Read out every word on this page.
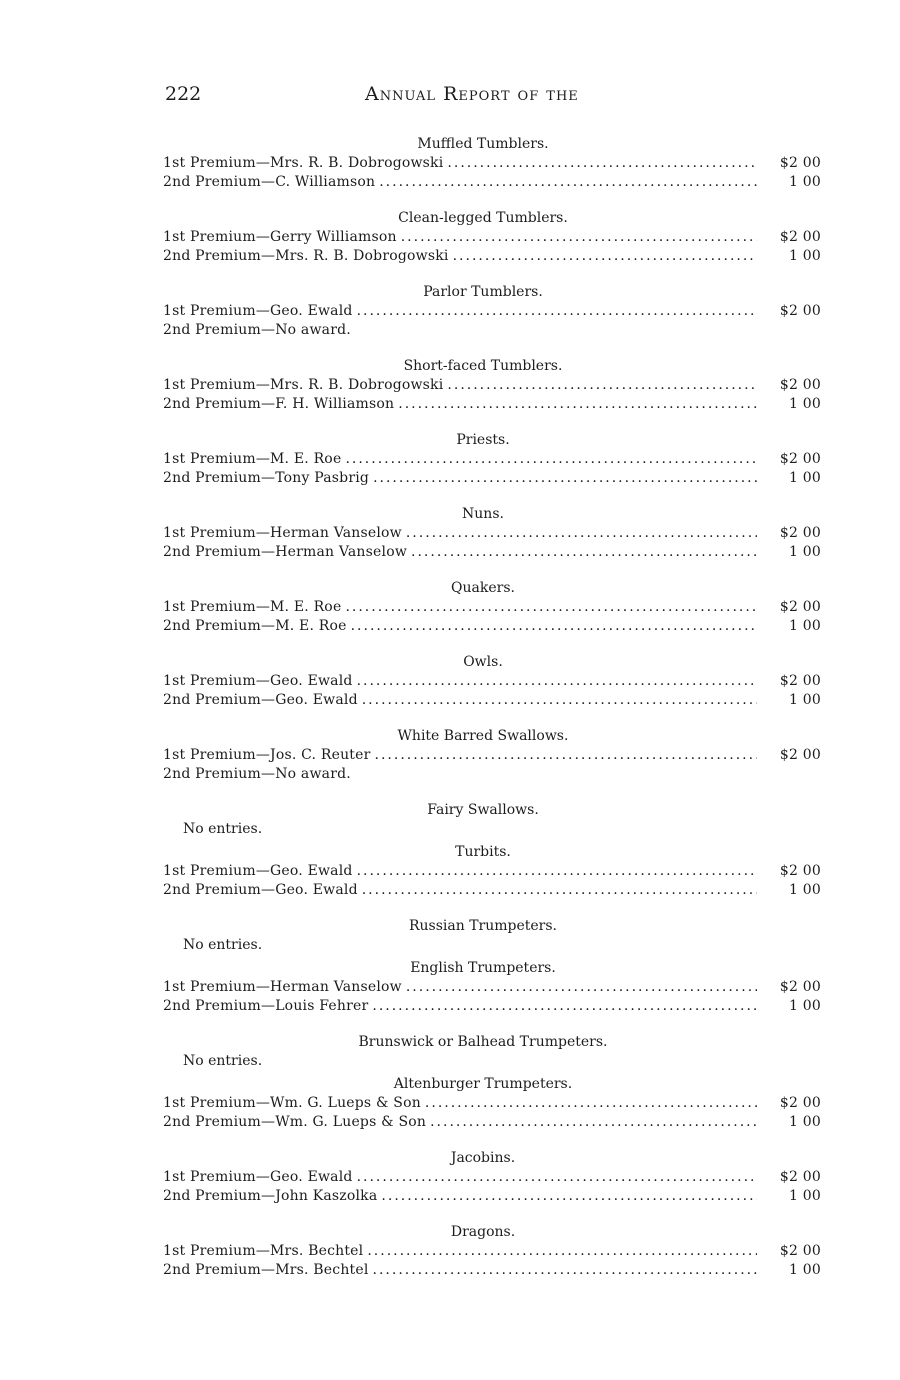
222	Annual Report of the
Muffled Tumblers.
1st Premium—Mrs. R. B. Dobrogowski .....	$2 00
2nd Premium—C. Williamson .....	1 00
Clean-legged Tumblers.
1st Premium—Gerry Williamson .....	$2 00
2nd Premium—Mrs. R. B. Dobrogowski .....	1 00
Parlor Tumblers.
1st Premium—Geo. Ewald .....	$2 00
2nd Premium—No award.
Short-faced Tumblers.
1st Premium—Mrs. R. B. Dobrogowski .....	$2 00
2nd Premium—F. H. Williamson .....	1 00
Priests.
1st Premium—M. E. Roe .....	$2 00
2nd Premium—Tony Pasbrig .....	1 00
Nuns.
1st Premium—Herman Vanselow .....	$2 00
2nd Premium—Herman Vanselow .....	1 00
Quakers.
1st Premium—M. E. Roe .....	$2 00
2nd Premium—M. E. Roe .....	1 00
Owls.
1st Premium—Geo. Ewald .....	$2 00
2nd Premium—Geo. Ewald .....	1 00
White Barred Swallows.
1st Premium—Jos. C. Reuter .....	$2 00
2nd Premium—No award.
Fairy Swallows.
No entries.
Turbits.
1st Premium—Geo. Ewald .....	$2 00
2nd Premium—Geo. Ewald .....	1 00
Russian Trumpeters.
No entries.
English Trumpeters.
1st Premium—Herman Vanselow .....	$2 00
2nd Premium—Louis Fehrer .....	1 00
Brunswick or Balhead Trumpeters.
No entries.
Altenburger Trumpeters.
1st Premium—Wm. G. Lueps & Son .....	$2 00
2nd Premium—Wm. G. Lueps & Son .....	1 00
Jacobins.
1st Premium—Geo. Ewald .....	$2 00
2nd Premium—John Kaszolka .....	1 00
Dragons.
1st Premium—Mrs. Bechtel .....	$2 00
2nd Premium—Mrs. Bechtel .....	1 00
